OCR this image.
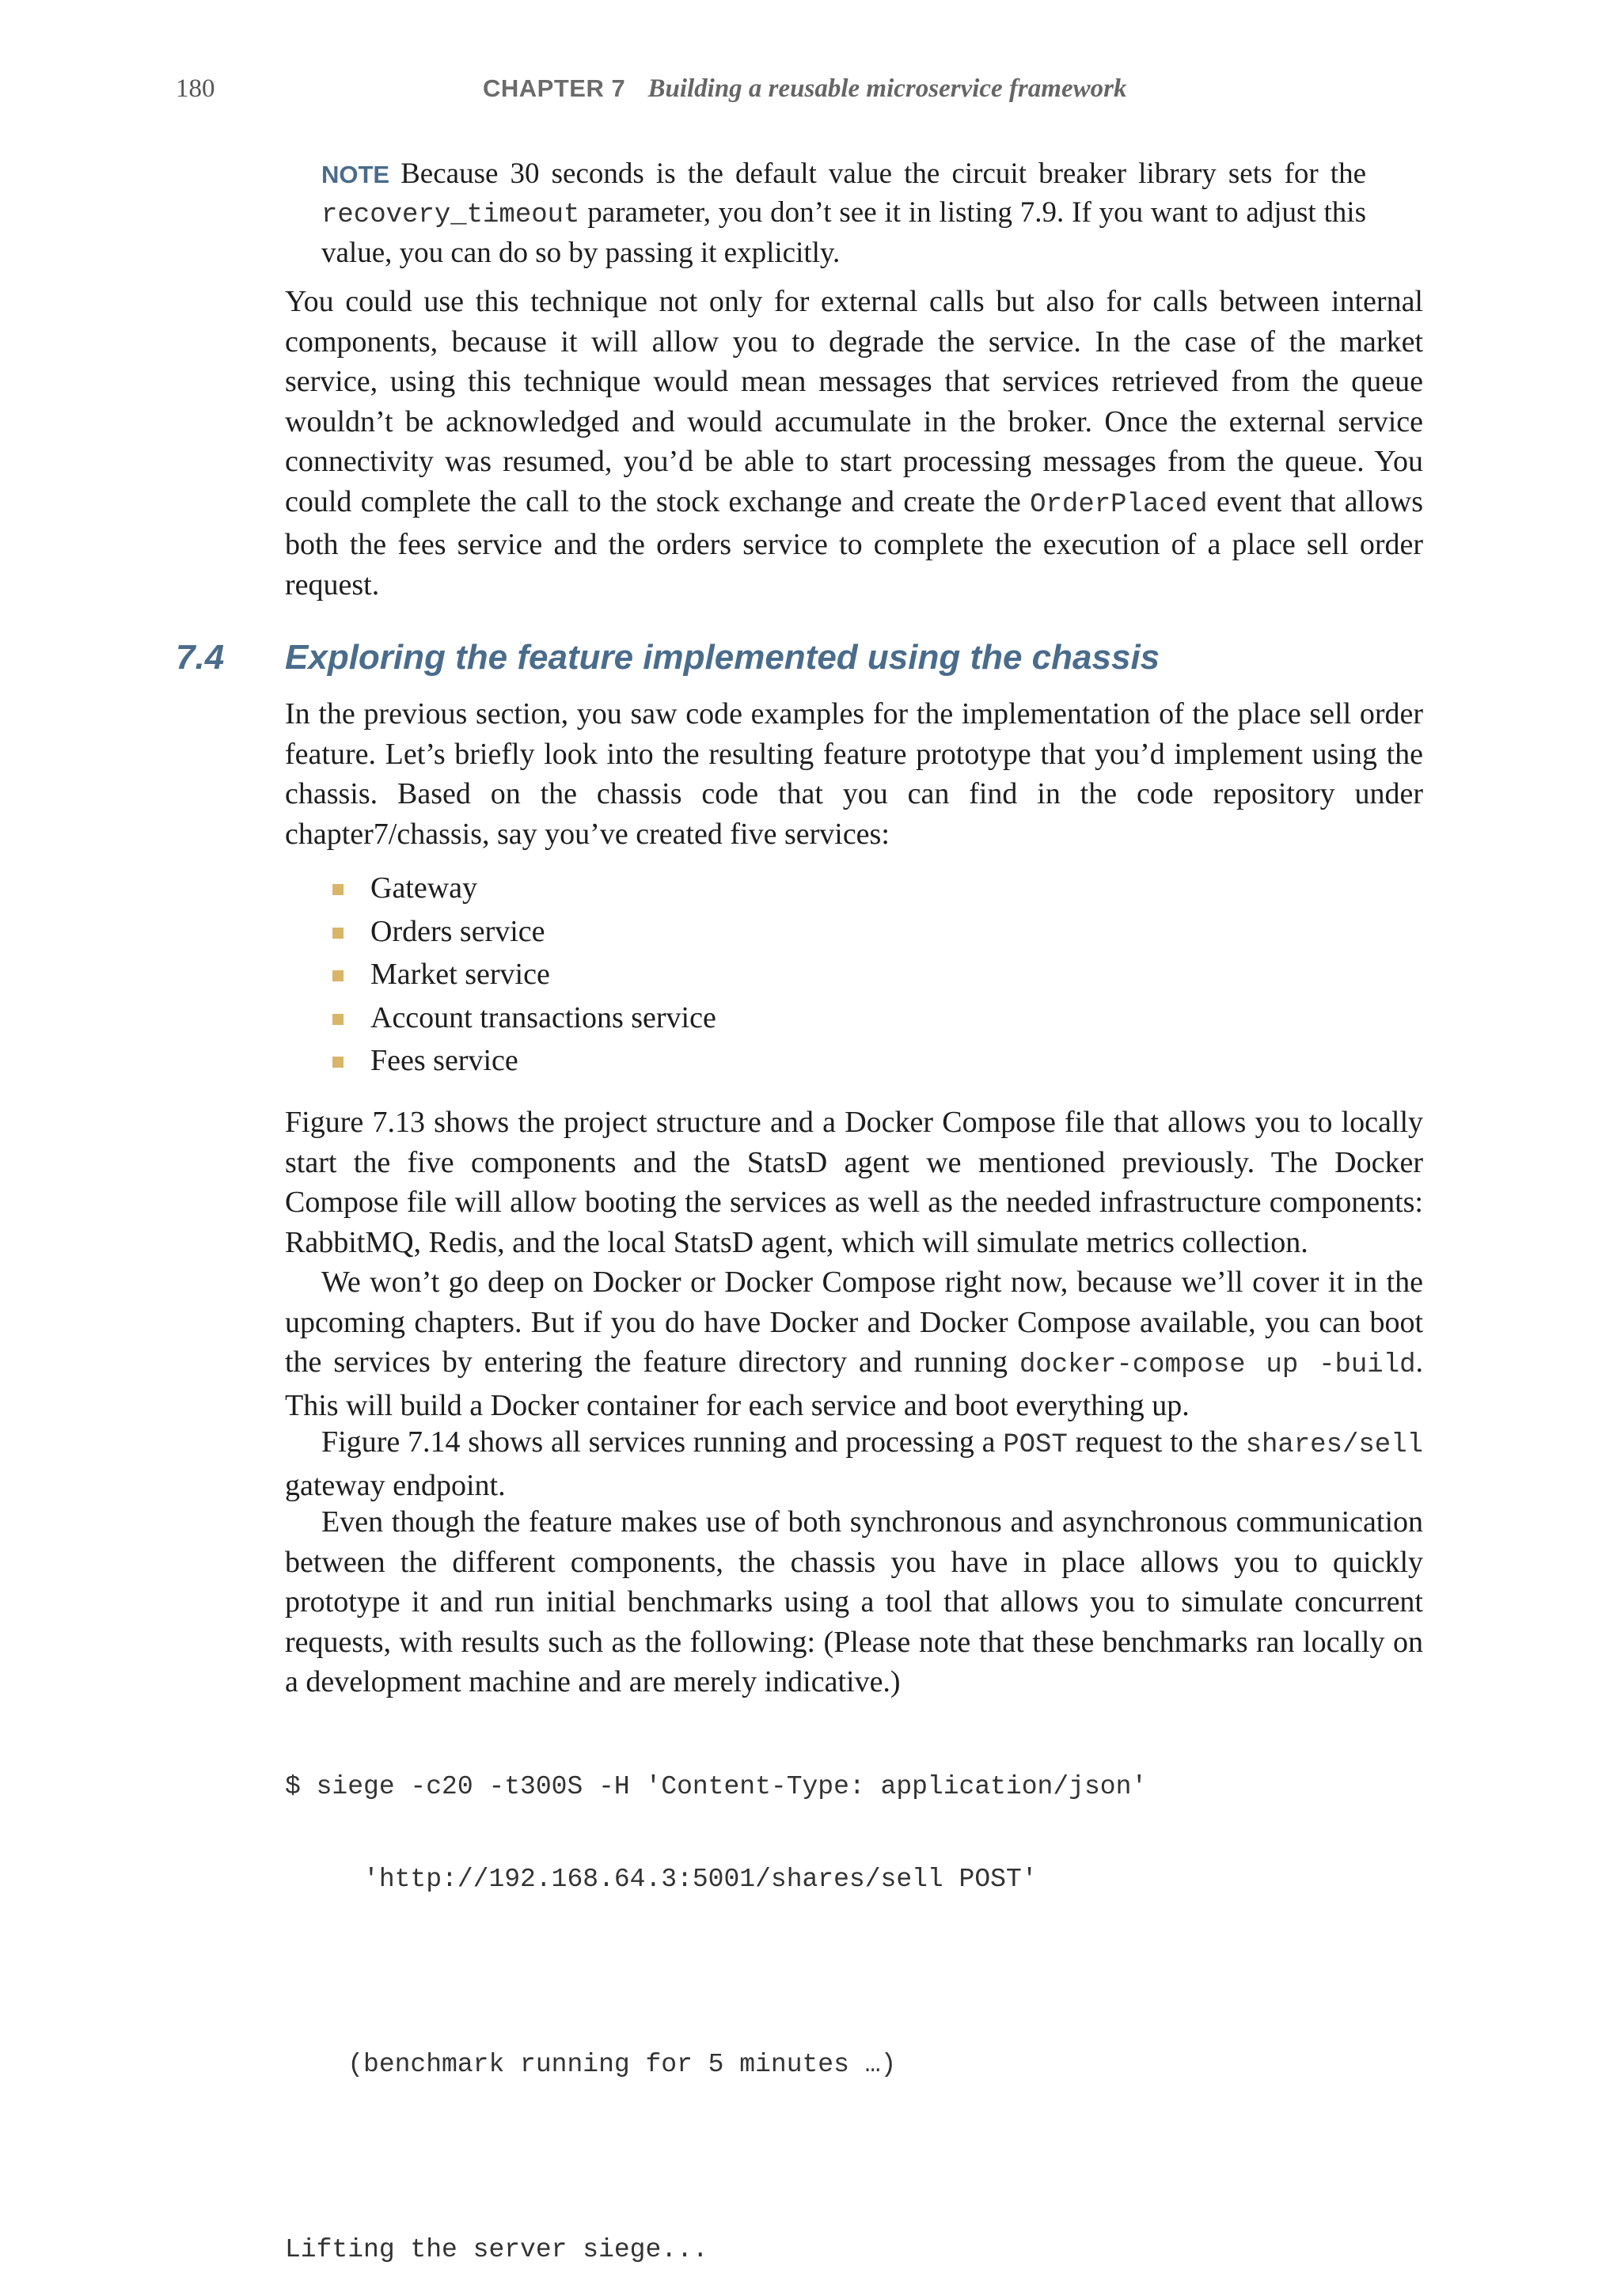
180	CHAPTER 7 Building a reusable microservice framework
NOTE Because 30 seconds is the default value the circuit breaker library sets for the recovery_timeout parameter, you don’t see it in listing 7.9. If you want to adjust this value, you can do so by passing it explicitly.

You could use this technique not only for external calls but also for calls between internal components, because it will allow you to degrade the service. In the case of the market service, using this technique would mean messages that services retrieved from the queue wouldn’t be acknowledged and would accumulate in the broker. Once the external service connectivity was resumed, you’d be able to start processing messages from the queue. You could complete the call to the stock exchange and create the OrderPlaced event that allows both the fees service and the orders service to complete the execution of a place sell order request.

7.4 Exploring the feature implemented using the chassis

In the previous section, you saw code examples for the implementation of the place sell order feature. Let’s briefly look into the resulting feature prototype that you’d implement using the chassis. Based on the chassis code that you can find in the code repository under chapter7/chassis, say you’ve created five services:

Gateway
Orders service
Market service
Account transactions service
Fees service

Figure 7.13 shows the project structure and a Docker Compose file that allows you to locally start the five components and the StatsD agent we mentioned previously. The Docker Compose file will allow booting the services as well as the needed infrastructure components: RabbitMQ, Redis, and the local StatsD agent, which will simulate metrics collection.

We won’t go deep on Docker or Docker Compose right now, because we’ll cover it in the upcoming chapters. But if you do have Docker and Docker Compose available, you can boot the services by entering the feature directory and running docker-compose up -build. This will build a Docker container for each service and boot everything up.

Figure 7.14 shows all services running and processing a POST request to the shares/sell gateway endpoint.

Even though the feature makes use of both synchronous and asynchronous communication between the different components, the chassis you have in place allows you to quickly prototype it and run initial benchmarks using a tool that allows you to simulate concurrent requests, with results such as the following: (Please note that these benchmarks ran locally on a development machine and are merely indicative.)

$ siege -c20 -t300S -H 'Content-Type: application/json'

'http://192.168.64.3:5001/shares/sell POST'

(benchmark running for 5 minutes …)

Lifting the server siege...
